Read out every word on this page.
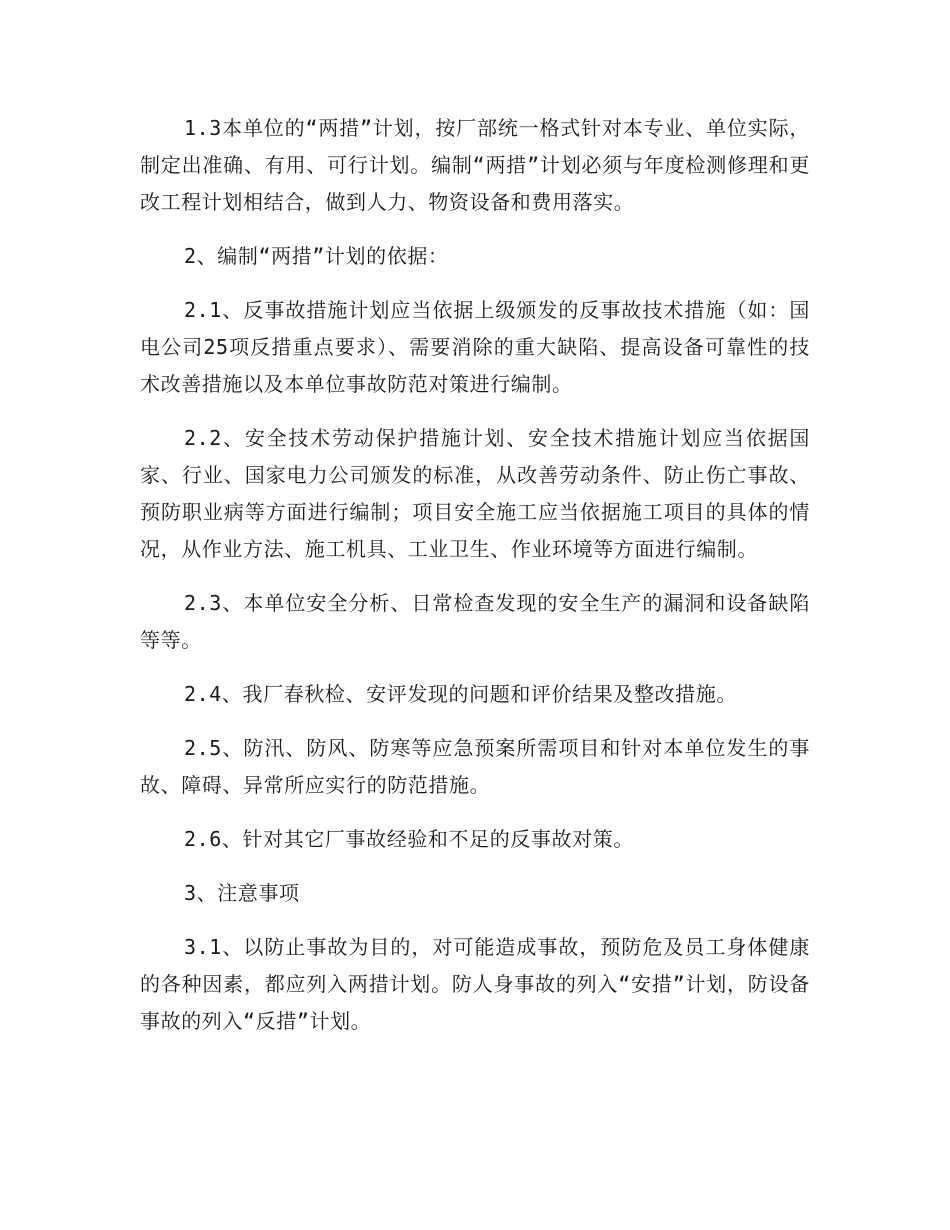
1.3本单位的“两措”计划，按厂部统一格式针对本专业、单位实际，制定出准确、有用、可行计划。编制“两措”计划必须与年度检测修理和更改工程计划相结合，做到人力、物资设备和费用落实。

2、编制“两措”计划的依据：

2.1、反事故措施计划应当依据上级颁发的反事故技术措施（如：国电公司25项反措重点要求）、需要消除的重大缺陷、提高设备可靠性的技术改善措施以及本单位事故防范对策进行编制。

2.2、安全技术劳动保护措施计划、安全技术措施计划应当依据国家、行业、国家电力公司颁发的标准，从改善劳动条件、防止伤亡事故、预防职业病等方面进行编制；项目安全施工应当依据施工项目的具体的情况，从作业方法、施工机具、工业卫生、作业环境等方面进行编制。

2.3、本单位安全分析、日常检查发现的安全生产的漏洞和设备缺陷等等。

2.4、我厂春秋检、安评发现的问题和评价结果及整改措施。

2.5、防汛、防风、防寒等应急预案所需项目和针对本单位发生的事故、障碍、异常所应实行的防范措施。

2.6、针对其它厂事故经验和不足的反事故对策。

3、注意事项

3.1、以防止事故为目的，对可能造成事故，预防危及员工身体健康的各种因素，都应列入两措计划。防人身事故的列入“安措”计划，防设备事故的列入“反措”计划。
